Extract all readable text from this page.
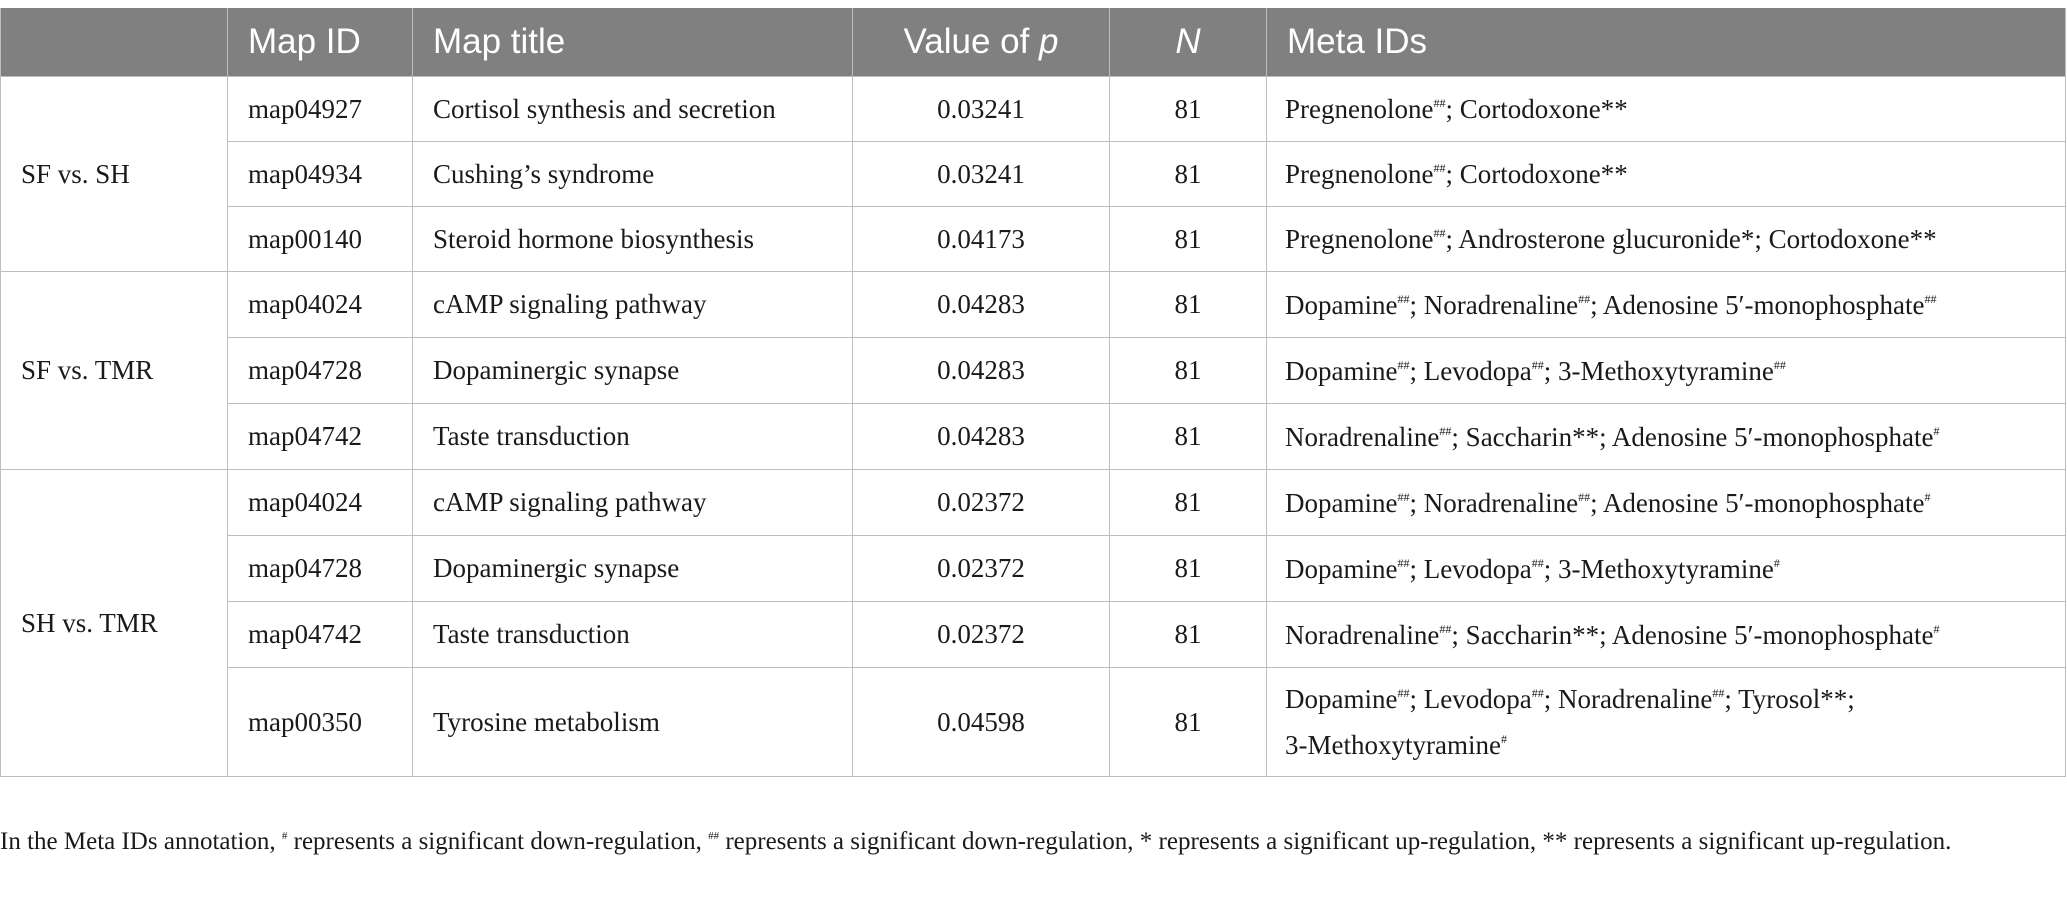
	Map ID	Map title	Value of p	N	Meta IDs
SF vs. SH	map04927	Cortisol synthesis and secretion	0.03241	81	Pregnenolone##; Cortodoxone**
	map04934	Cushing’s syndrome	0.03241	81	Pregnenolone##; Cortodoxone**
	map00140	Steroid hormone biosynthesis	0.04173	81	Pregnenolone##; Androsterone glucuronide*; Cortodoxone**
SF vs. TMR	map04024	cAMP signaling pathway	0.04283	81	Dopamine##; Noradrenaline##; Adenosine 5′-monophosphate##
	map04728	Dopaminergic synapse	0.04283	81	Dopamine##; Levodopa##; 3-Methoxytyramine##
	map04742	Taste transduction	0.04283	81	Noradrenaline##; Saccharin**; Adenosine 5′-monophosphate#
SH vs. TMR	map04024	cAMP signaling pathway	0.02372	81	Dopamine##; Noradrenaline##; Adenosine 5′-monophosphate#
	map04728	Dopaminergic synapse	0.02372	81	Dopamine##; Levodopa##; 3-Methoxytyramine#
	map04742	Taste transduction	0.02372	81	Noradrenaline##; Saccharin**; Adenosine 5′-monophosphate#
	map00350	Tyrosine metabolism	0.04598	81	Dopamine##; Levodopa##; Noradrenaline##; Tyrosol**;
3-Methoxytyramine#
In the Meta IDs annotation, # represents a significant down-regulation, ## represents a significant down-regulation, * represents a significant up-regulation, ** represents a significant up-regulation.
